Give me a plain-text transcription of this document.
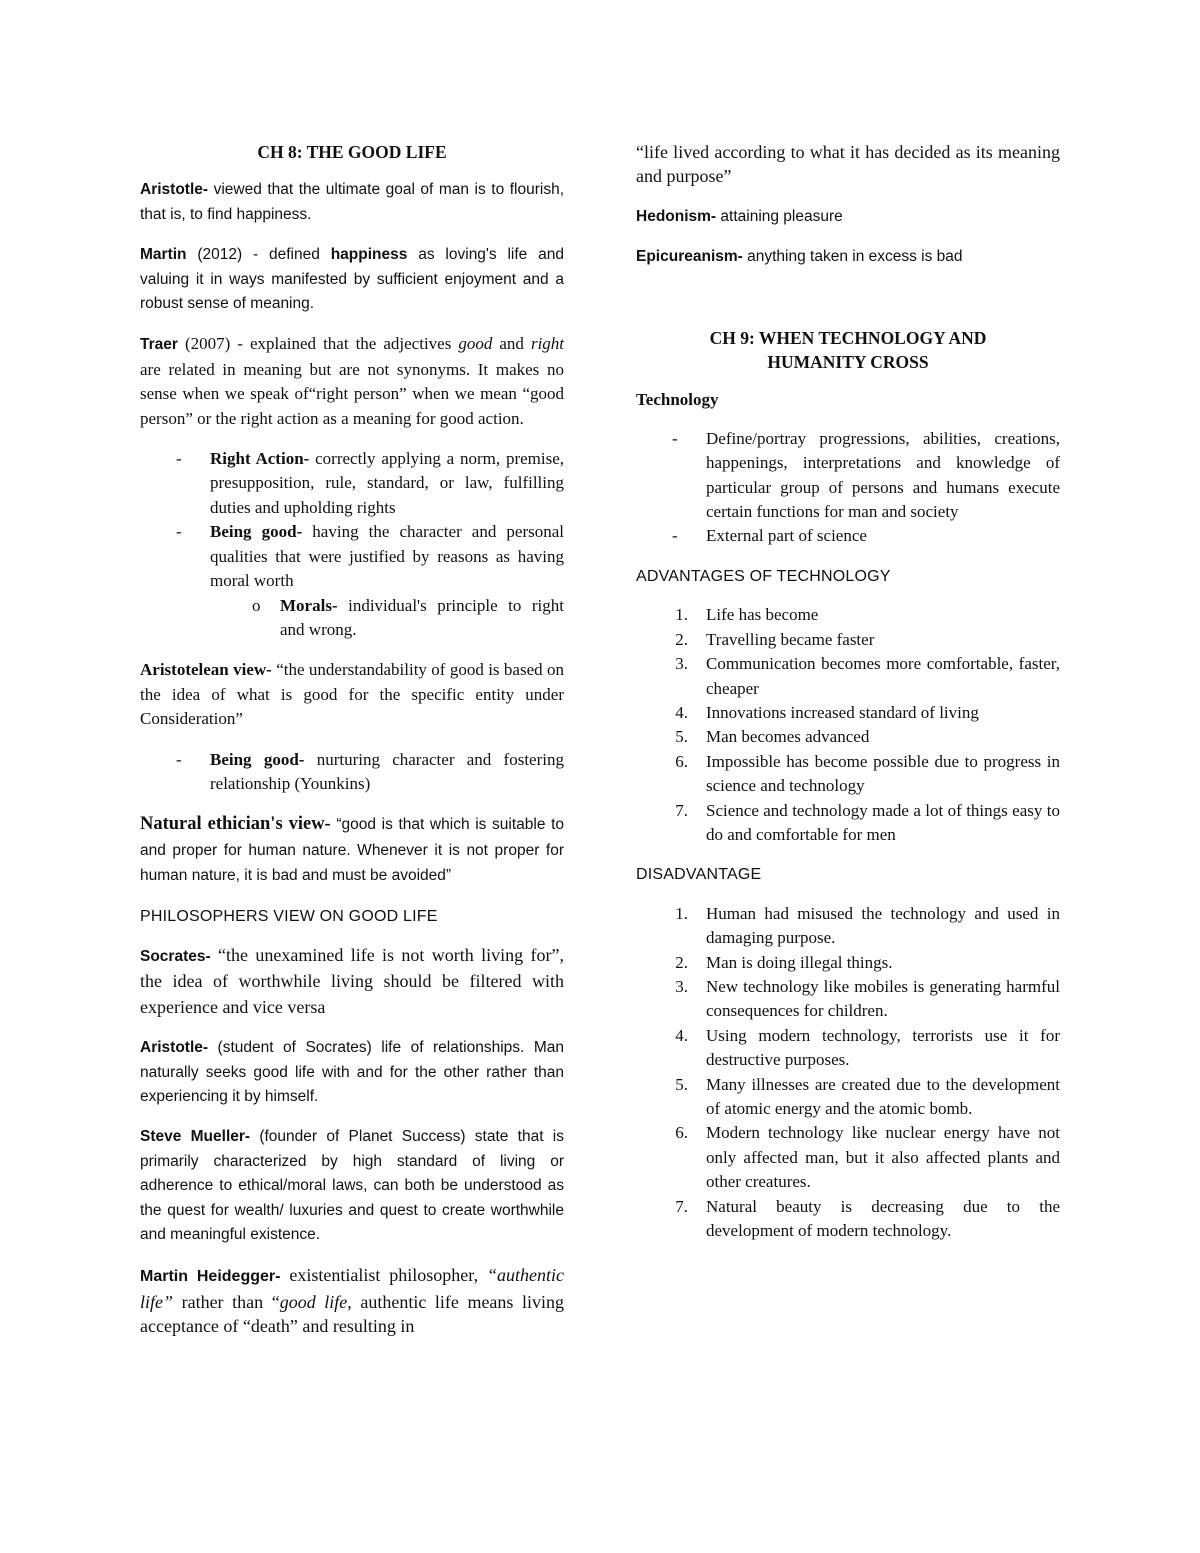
CH 8: THE GOOD LIFE

Aristotle- viewed that the ultimate goal of man is to flourish, that is, to find happiness.

Martin (2012) - defined happiness as loving's life and valuing it in ways manifested by sufficient enjoyment and a robust sense of meaning.

Traer (2007) - explained that the adjectives good and right are related in meaning but are not synonyms. It makes no sense when we speak of“right person” when we mean “good person” or the right action as a meaning for good action.

- Right Action- correctly applying a norm, premise, presupposition, rule, standard, or law, fulfilling duties and upholding rights
- Being good- having the character and personal qualities that were justified by reasons as having moral worth
o Morals- individual's principle to right and wrong.

Aristotelean view- “the understandability of good is based on the idea of what is good for the specific entity under Consideration”

- Being good- nurturing character and fostering relationship (Younkins)

Natural ethician's view- “good is that which is suitable to and proper for human nature. Whenever it is not proper for human nature, it is bad and must be avoided”

PHILOSOPHERS VIEW ON GOOD LIFE

Socrates- “the unexamined life is not worth living for”, the idea of worthwhile living should be filtered with experience and vice versa

Aristotle- (student of Socrates) life of relationships. Man naturally seeks good life with and for the other rather than experiencing it by himself.

Steve Mueller- (founder of Planet Success) state that is primarily characterized by high standard of living or adherence to ethical/moral laws, can both be understood as the quest for wealth/ luxuries and quest to create worthwhile and meaningful existence.

Martin Heidegger- existentialist philosopher, “authentic life” rather than “good life, authentic life means living acceptance of “death” and resulting in

“life lived according to what it has decided as its meaning and purpose”

Hedonism- attaining pleasure

Epicureanism- anything taken in excess is bad

CH 9: WHEN TECHNOLOGY AND
HUMANITY CROSS

Technology

- Define/portray progressions, abilities, creations, happenings, interpretations and knowledge of particular group of persons and humans execute certain functions for man and society
- External part of science
ADVANTAGES OF TECHNOLOGY
1. Life has become
2. Travelling became faster
3. Communication becomes more comfortable, faster, cheaper
4. Innovations increased standard of living
5. Man becomes advanced
6. Impossible has become possible due to progress in science and technology
7. Science and technology made a lot of things easy to do and comfortable for men
DISADVANTAGE
1. Human had misused the technology and used in damaging purpose.
2. Man is doing illegal things.
3. New technology like mobiles is generating harmful consequences for children.
4. Using modern technology, terrorists use it for destructive purposes.
5. Many illnesses are created due to the development of atomic energy and the atomic bomb.
6. Modern technology like nuclear energy have not only affected man, but it also affected plants and other creatures.
7. Natural beauty is decreasing due to the development of modern technology.
